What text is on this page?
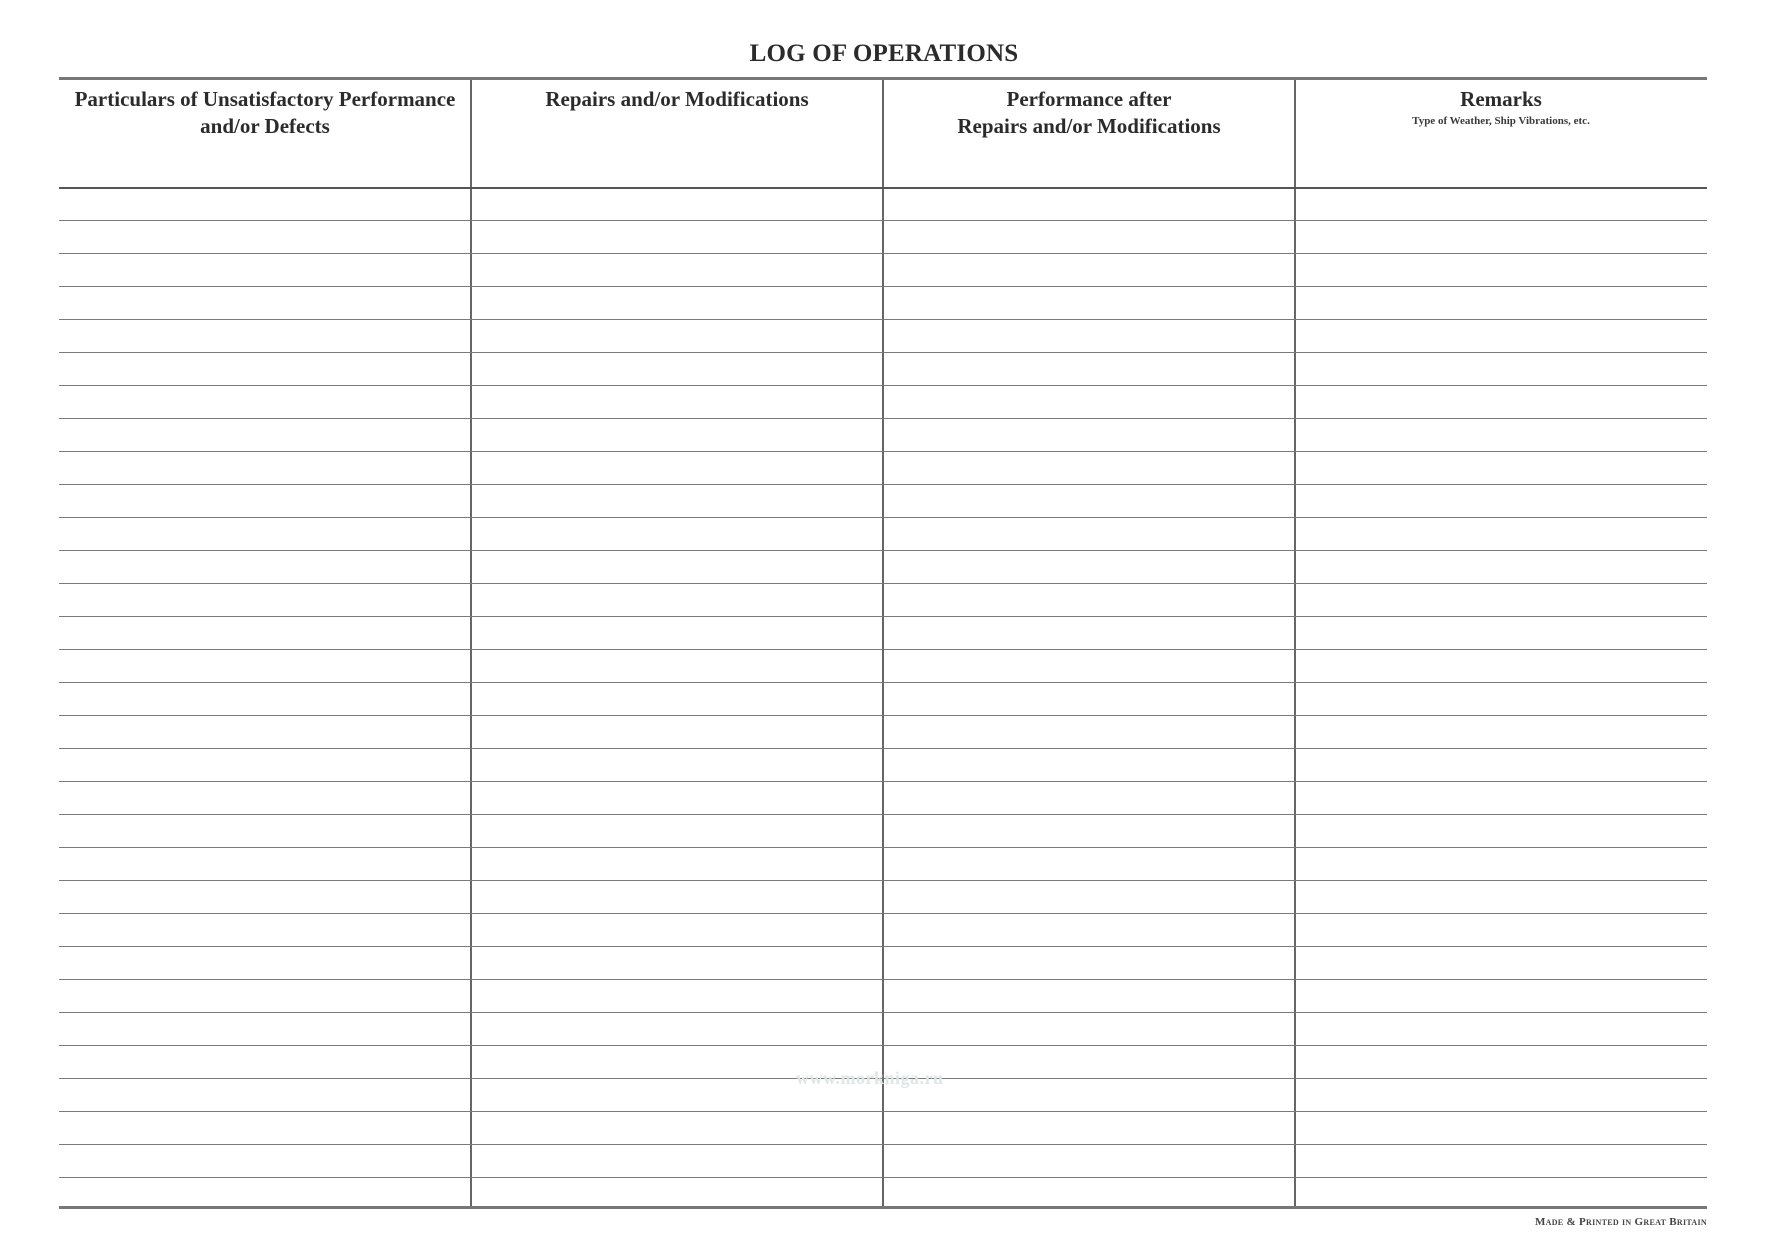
LOG OF OPERATIONS
Particulars of Unsatisfactory Performance
and/or Defects
Repairs and/or Modifications	Performance after
Repairs and/or Modifications
Remarks
Type of Weather, Ship Vibrations, etc.
www.morkniga.ru
Made & Printed in Great Britain
